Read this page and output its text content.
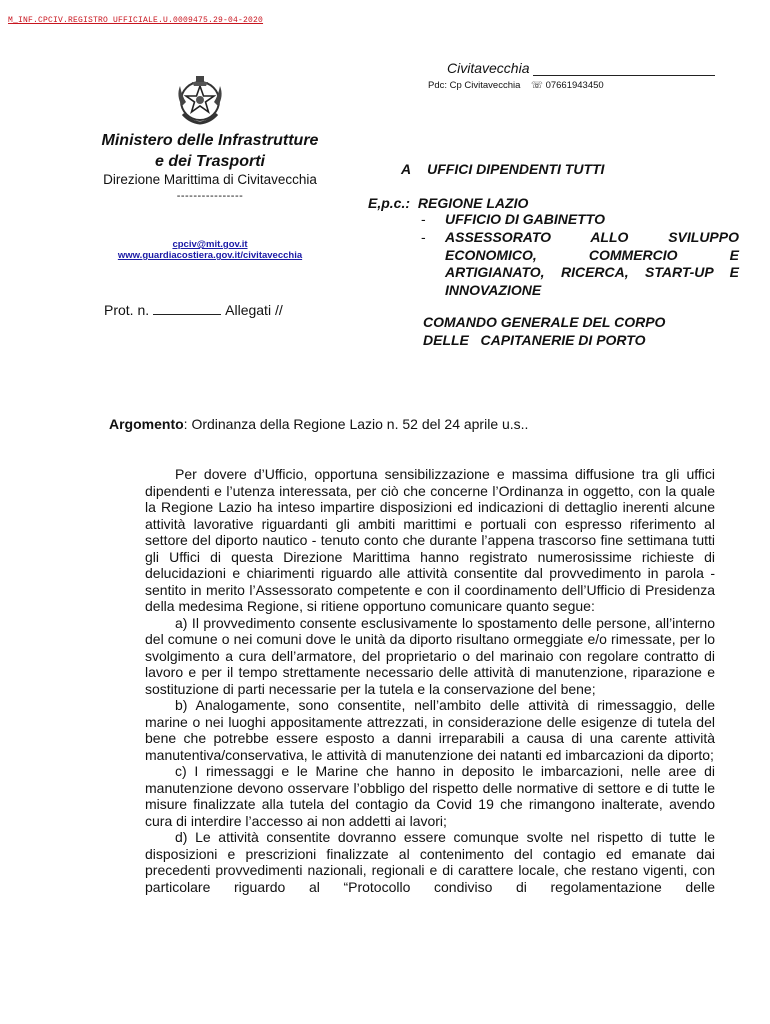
M_INF.CPCIV.REGISTRO UFFICIALE.U.0009475.29-04-2020
Civitavecchia
Pdc: Cp Civitavecchia ☏ 07661943450
Ministero delle Infrastrutture
e dei Trasporti
Direzione Marittima di Civitavecchia
----------------
cpciv@mit.gov.it
www.guardiacostiera.gov.it/civitavecchia
Prot. n.	Allegati //
A UFFICI DIPENDENTI TUTTI
E,p.c.: REGIONE LAZIO
- UFFICIO DI GABINETTO
- ASSESSORATO ALLO SVILUPPO ECONOMICO, COMMERCIO E ARTIGIANATO, RICERCA, START-UP E INNOVAZIONE
COMANDO GENERALE DEL CORPO
DELLE   CAPITANERIE DI PORTO
Argomento: Ordinanza della Regione Lazio n. 52 del 24 aprile u.s..

Per dovere d’Ufficio, opportuna sensibilizzazione e massima diffusione tra gli uffici dipendenti e l’utenza interessata, per ciò che concerne l’Ordinanza in oggetto, con la quale la Regione Lazio ha inteso impartire disposizioni ed indicazioni di dettaglio inerenti alcune attività lavorative riguardanti gli ambiti marittimi e portuali con espresso riferimento al settore del diporto nautico - tenuto conto che durante l’appena trascorso fine settimana tutti gli Uffici di questa Direzione Marittima hanno registrato numerosissime richieste di delucidazioni e chiarimenti riguardo alle attività consentite dal provvedimento in parola - sentito in merito l’Assessorato competente e con il coordinamento dell’Ufficio di Presidenza della medesima Regione, si ritiene opportuno comunicare quanto segue:

a) Il provvedimento consente esclusivamente lo spostamento delle persone, all’interno del comune o nei comuni dove le unità da diporto risultano ormeggiate e/o rimessate, per lo svolgimento a cura dell’armatore, del proprietario o del marinaio con regolare contratto di lavoro e per il tempo strettamente necessario delle attività di manutenzione, riparazione e sostituzione di parti necessarie per la tutela e la conservazione del bene;

b) Analogamente, sono consentite, nell’ambito delle attività di rimessaggio, delle marine o nei luoghi appositamente attrezzati, in considerazione delle esigenze di tutela del bene che potrebbe essere esposto a danni irreparabili a causa di una carente attività manutentiva/conservativa, le attività di manutenzione dei natanti ed imbarcazioni da diporto;

c) I rimessaggi e le Marine che hanno in deposito le imbarcazioni, nelle aree di manutenzione devono osservare l’obbligo del rispetto delle normative di settore e di tutte le misure finalizzate alla tutela del contagio da Covid 19 che rimangono inalterate, avendo cura di interdire l’accesso ai non addetti ai lavori;

d) Le attività consentite dovranno essere comunque svolte nel rispetto di tutte le disposizioni e prescrizioni finalizzate al contenimento del contagio ed emanate dai precedenti provvedimenti nazionali, regionali e di carattere locale, che restano vigenti, con particolare riguardo al “Protocollo condiviso di regolamentazione delle
